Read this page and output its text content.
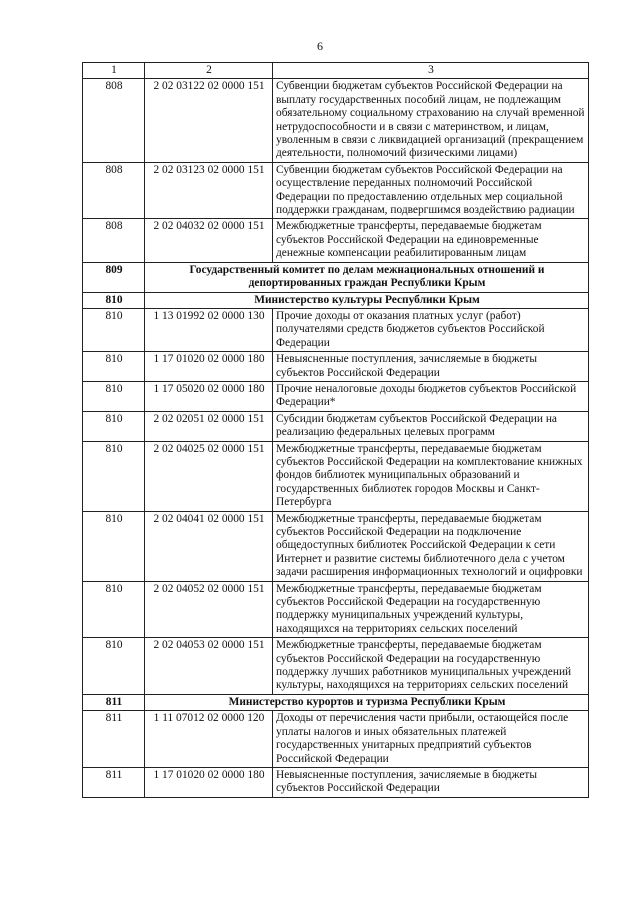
6
1	2	3
808	2 02 03122 02 0000 151	Субвенции бюджетам субъектов Российской Федерации на выплату государственных пособий лицам, не подлежащим обязательному социальному страхованию на случай временной нетрудоспособности и в связи с материнством, и лицам, уволенным в связи с ликвидацией организаций (прекращением деятельности, полномочий физическими лицами)
808	2 02 03123 02 0000 151	Субвенции бюджетам субъектов Российской Федерации на осуществление переданных полномочий Российской Федерации по предоставлению отдельных мер социальной поддержки гражданам, подвергшимся воздействию радиации
808	2 02 04032 02 0000 151	Межбюджетные трансферты, передаваемые бюджетам субъектов Российской Федерации на единовременные денежные компенсации реабилитированным лицам
809	Государственный комитет по делам межнациональных отношений и депортированных граждан Республики Крым	
810	Министерство культуры Республики Крым	
810	1 13 01992 02 0000 130	Прочие доходы от оказания платных услуг (работ) получателями средств бюджетов субъектов Российской Федерации
810	1 17 01020 02 0000 180	Невыясненные поступления, зачисляемые в бюджеты субъектов Российской Федерации
810	1 17 05020 02 0000 180	Прочие неналоговые доходы бюджетов субъектов Российской Федерации*
810	2 02 02051 02 0000 151	Субсидии бюджетам субъектов Российской Федерации на реализацию федеральных целевых программ
810	2 02 04025 02 0000 151	Межбюджетные трансферты, передаваемые бюджетам субъектов Российской Федерации на комплектование книжных фондов библиотек муниципальных образований и государственных библиотек городов Москвы и Санкт-Петербурга
810	2 02 04041 02 0000 151	Межбюджетные трансферты, передаваемые бюджетам субъектов Российской Федерации на подключение общедоступных библиотек Российской Федерации к сети Интернет и развитие системы библиотечного дела с учетом задачи расширения информационных технологий и оцифровки
810	2 02 04052 02 0000 151	Межбюджетные трансферты, передаваемые бюджетам субъектов Российской Федерации на государственную поддержку муниципальных учреждений культуры, находящихся на территориях сельских поселений
810	2 02 04053 02 0000 151	Межбюджетные трансферты, передаваемые бюджетам субъектов Российской Федерации на государственную поддержку лучших работников муниципальных учреждений культуры, находящихся на территориях сельских поселений
811	Министерство курортов и туризма Республики Крым	
811	1 11 07012 02 0000 120	Доходы от перечисления части прибыли, остающейся после уплаты налогов и иных обязательных платежей государственных унитарных предприятий субъектов Российской Федерации
811	1 17 01020 02 0000 180	Невыясненные поступления, зачисляемые в бюджеты субъектов Российской Федерации
